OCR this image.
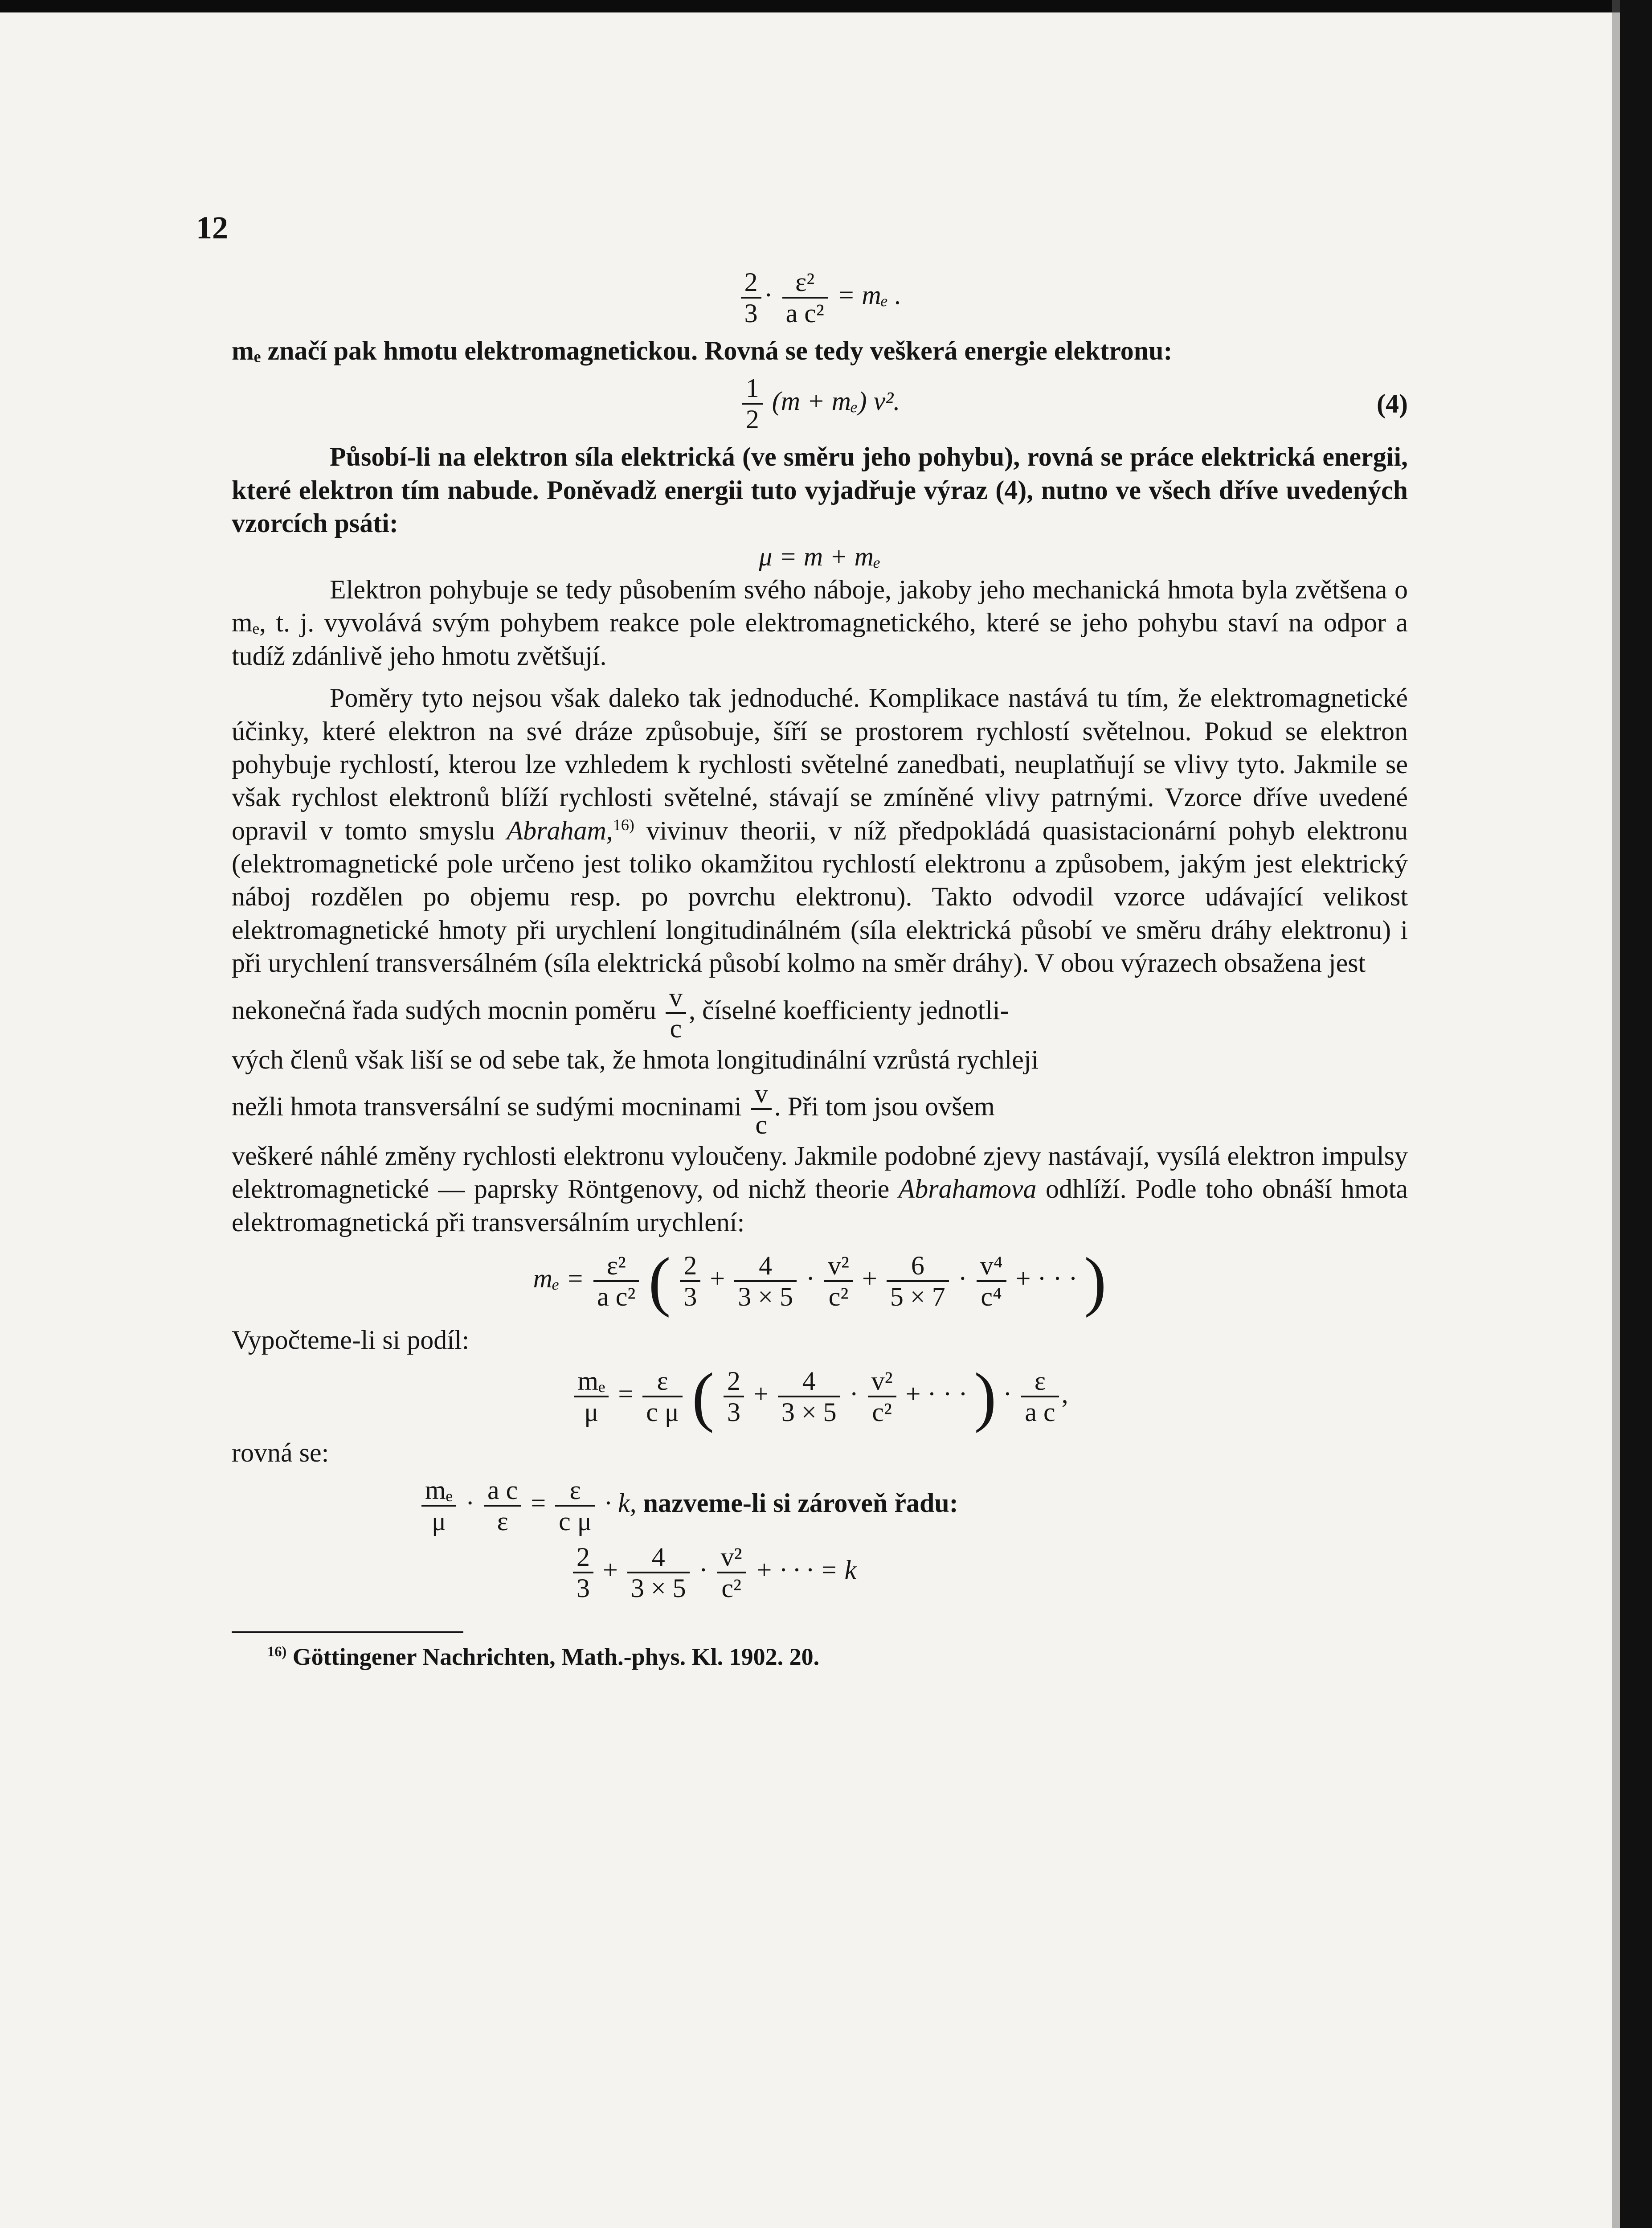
12
$\frac{2}{3} \cdot \frac{\text{ε²}}{\text{a c²}} = m_e$ .

mₑ značí pak hmotu elektromagnetickou. Rovná se tedy veškerá energie elektronu:

$\frac{1}{2} (m + m_e)$ v².	(4)

Působí-li na elektron síla elektrická (ve směru jeho pohybu), rovná se práce elektrická energii, které elektron tím nabude. Poněvadž energii tuto vyjadřuje výraz (4), nutno ve všech dříve uvedených vzorcích psáti:

μ = m + mₑ

Elektron pohybuje se tedy působením svého náboje, jakoby jeho mechanická hmota byla zvětšena o mₑ, t. j. vyvolává svým pohybem reakce pole elektromagnetického, které se jeho pohybu staví na odpor a tudíž zdánlivě jeho hmotu zvětšují.

Poměry tyto nejsou však daleko tak jednoduché. Komplikace nastává tu tím, že elektromagnetické účinky, které elektron na své dráze způsobuje, šíří se prostorem rychlostí světelnou. Pokud se elektron pohybuje rychlostí, kterou lze vzhledem k rychlosti světelné zanedbati, neuplatňují se vlivy tyto. Jakmile se však rychlost elektronů blíží rychlosti světelné, stávají se zmíněné vlivy patrnými. Vzorce dříve uvedené opravil v tomto smyslu Abraham,$^{16)}$ vivinuv theorii, v níž předpokládá quasistacionární pohyb elektronu (elektromagnetické pole určeno jest toliko okamžitou rychlostí elektronu a způsobem, jakým jest elektrický náboj rozdělen po objemu resp. po povrchu elektronu). Takto odvodil vzorce udávající velikost elektromagnetické hmoty při urychlení longitudinálném (síla elektrická působí ve směru dráhy elektronu) i při urychlení transversálném (síla elektrická působí kolmo na směr dráhy). V obou výrazech obsažena jest

nekonečná řada sudých mocnin poměru $\frac{v}{c}$ , číselné koefficienty jednotli-

vých členů však liší se od sebe tak, že hmota longitudinální vzrůstá rychleji

nežli hmota transversální se sudými mocninami $\frac{v}{c}$ . Při tom jsou ovšem

veškeré náhlé změny rychlosti elektronu vyloučeny. Jakmile podobné zjevy nastávají, vysílá elektron impulsy elektromagnetické — paprsky Röntgenovy, od nichž theorie Abrahamova odhlíží. Podle toho obnáší hmota elektromagnetická při transversálním urychlení:

$m_e = \frac{\text{ε²}}{\text{a c²}}$ ( $\frac{2}{3} + \frac{4}{3 \times 5} \cdot \frac{\text{v²}}{\text{c²}} + \frac{6}{5 \times 7} \cdot \frac{\text{v⁴}}{\text{c⁴}}$ + · · · )

Vypočteme-li si podíl:

$\frac{\text{mₑ}}{\mu} = \frac{\varepsilon}{\text{c μ}}$ ( $\frac{2}{3} + \frac{4}{3 \times 5} \cdot \frac{\text{v²}}{\text{c²}}$ + · · · ) · $\frac{\varepsilon}{\text{a c}}$ ,

rovná se:

$\frac{\text{mₑ}}{\mu} \cdot \frac{\text{a c}}{\varepsilon} = \frac{\varepsilon}{\text{c μ}} \cdot k$, nazveme-li si zároveň řadu:
$\frac{2}{3} + \frac{4}{3 \times 5} \cdot \frac{\text{v²}}{\text{c²}}$ + · · · = k

$^{16)}$ Göttingener Nachrichten, Math.-phys. Kl. 1902. 20.
